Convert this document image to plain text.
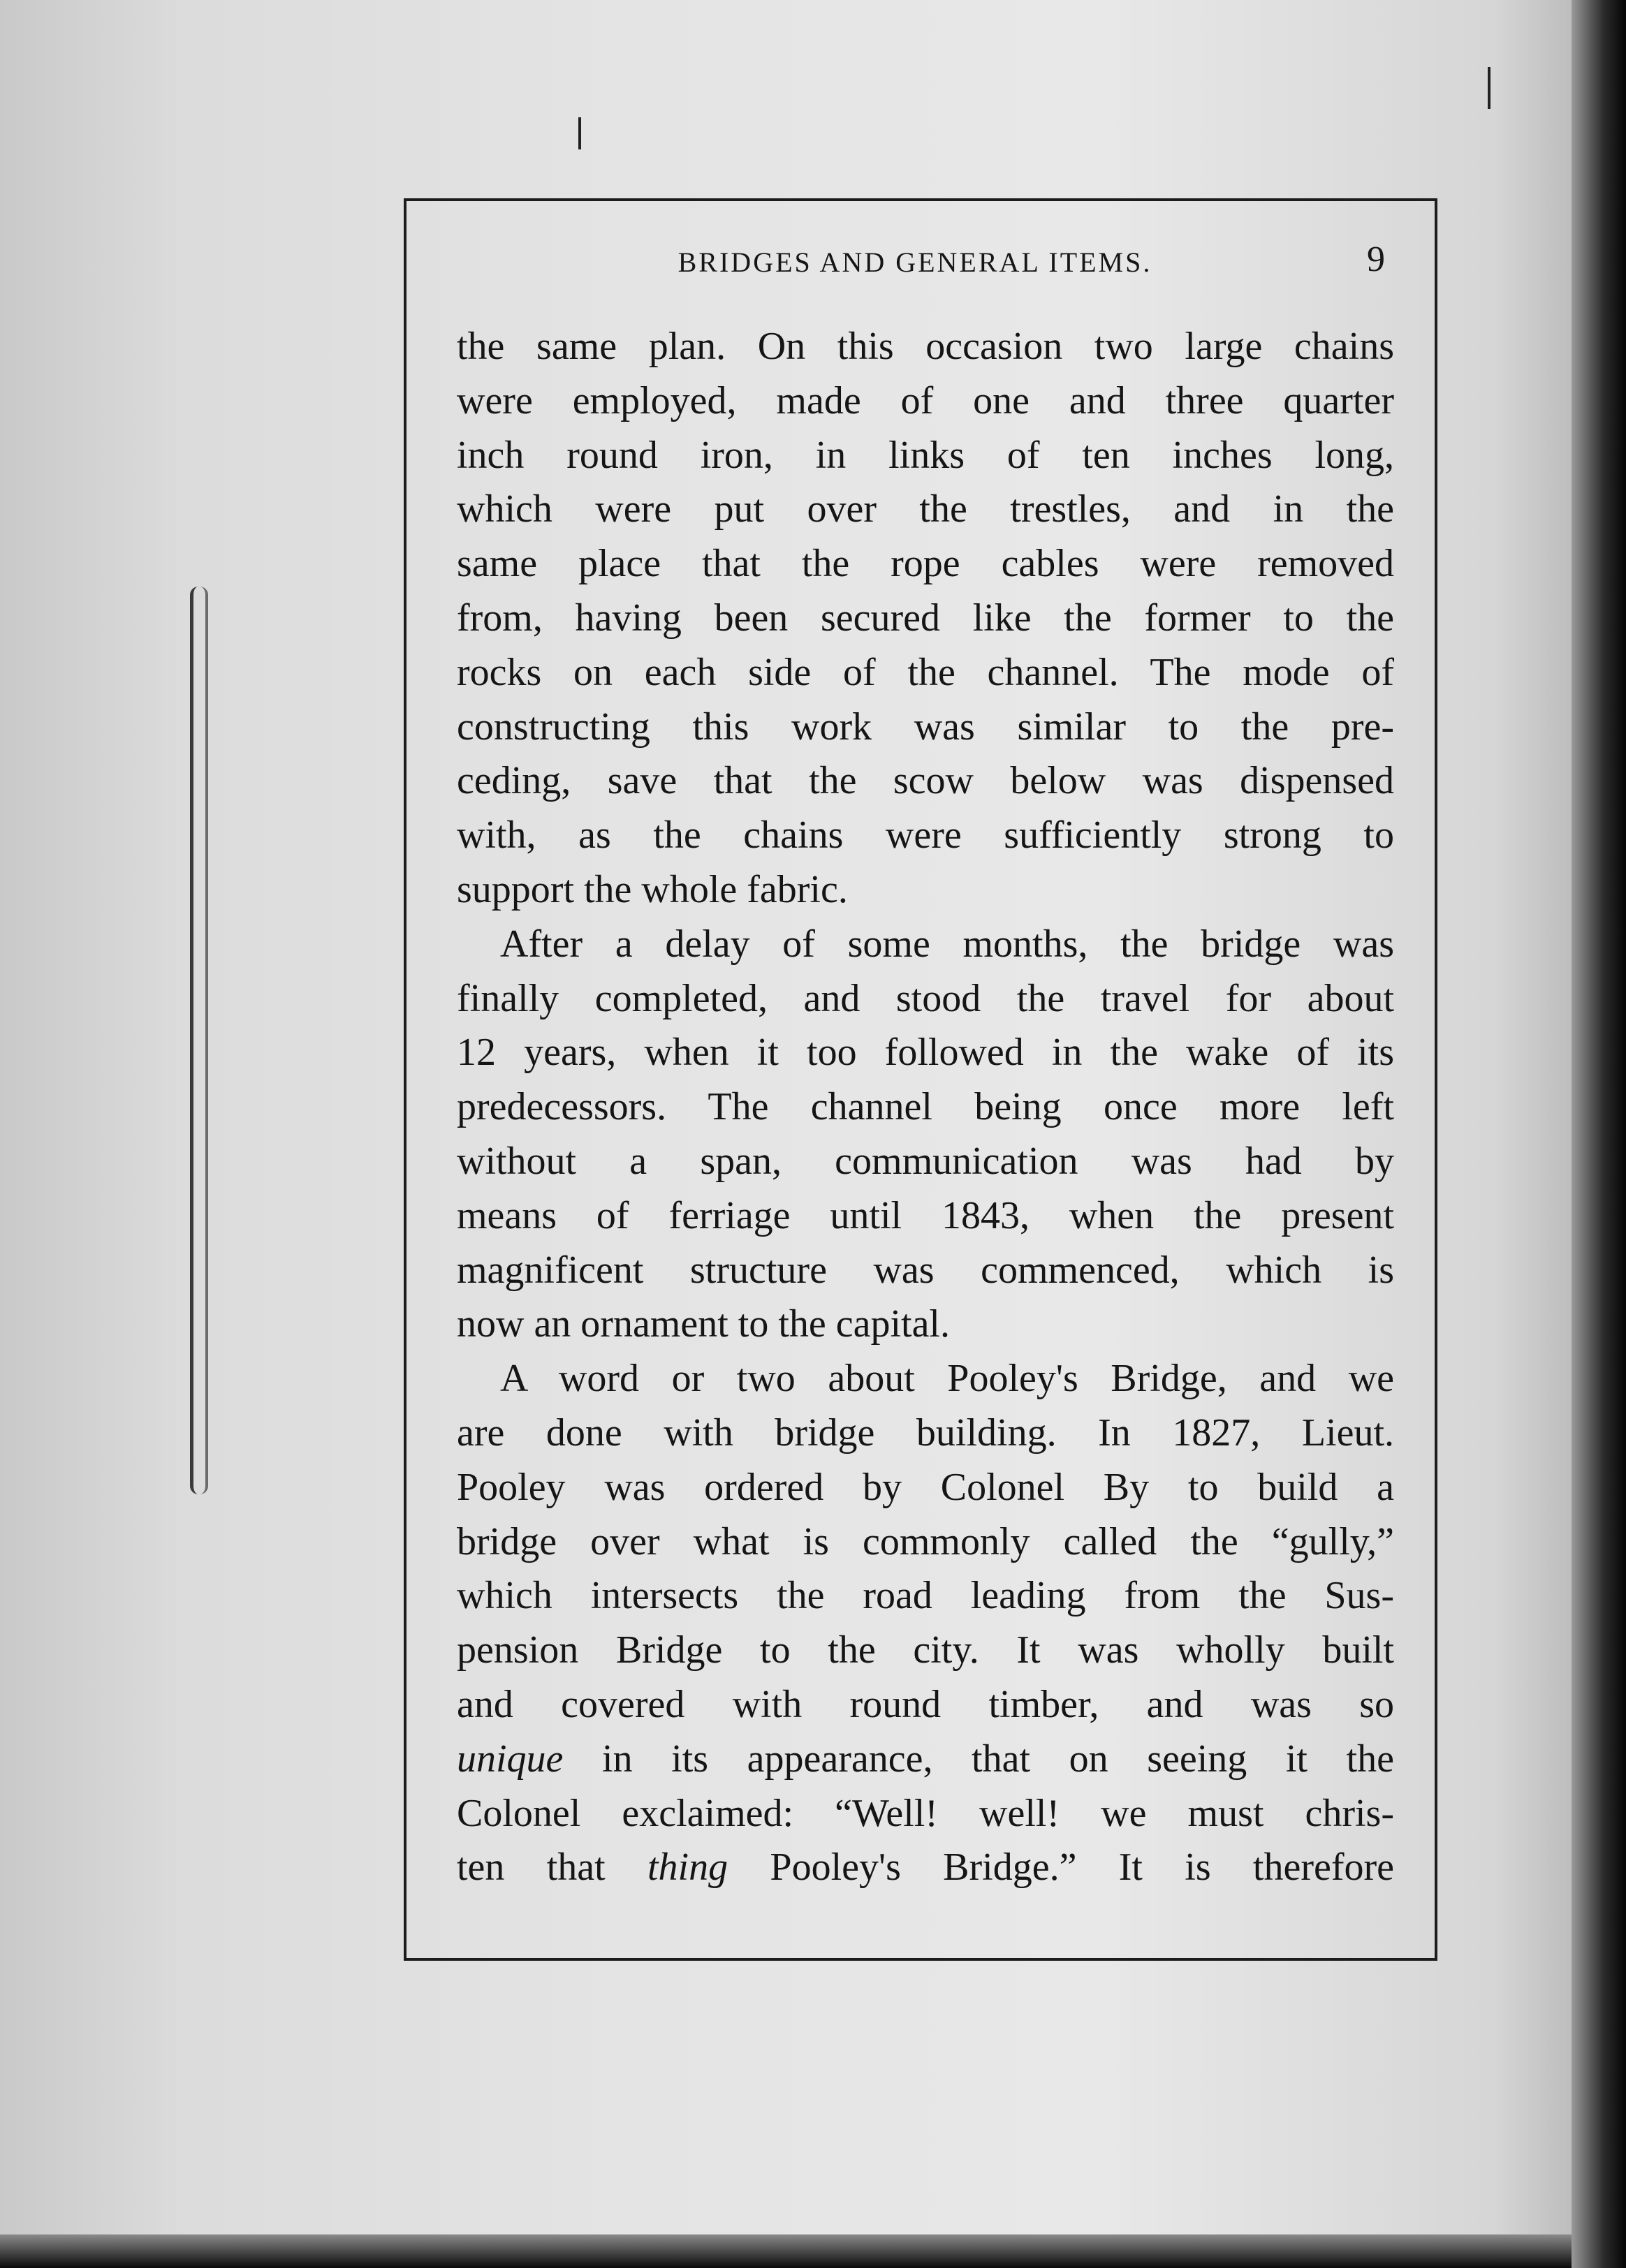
BRIDGES AND GENERAL ITEMS.	9
the same plan. On this occasion two large chains
were employed, made of one and three quarter
inch round iron, in links of ten inches long,
which were put over the trestles, and in the
same place that the rope cables were removed
from, having been secured like the former to the
rocks on each side of the channel. The mode of
constructing this work was similar to the pre-
ceding, save that the scow below was dispensed
with, as the chains were sufficiently strong to
support the whole fabric.
After a delay of some months, the bridge was
finally completed, and stood the travel for about
12 years, when it too followed in the wake of its
predecessors. The channel being once more left
without a span, communication was had by
means of ferriage until 1843, when the present
magnificent structure was commenced, which is
now an ornament to the capital.
A word or two about Pooley's Bridge, and we
are done with bridge building. In 1827, Lieut.
Pooley was ordered by Colonel By to build a
bridge over what is commonly called the “gully,”
which intersects the road leading from the Sus-
pension Bridge to the city. It was wholly built
and covered with round timber, and was so
unique in its appearance, that on seeing it the
Colonel exclaimed: “Well! well! we must chris-
ten that thing Pooley's Bridge.” It is therefore
